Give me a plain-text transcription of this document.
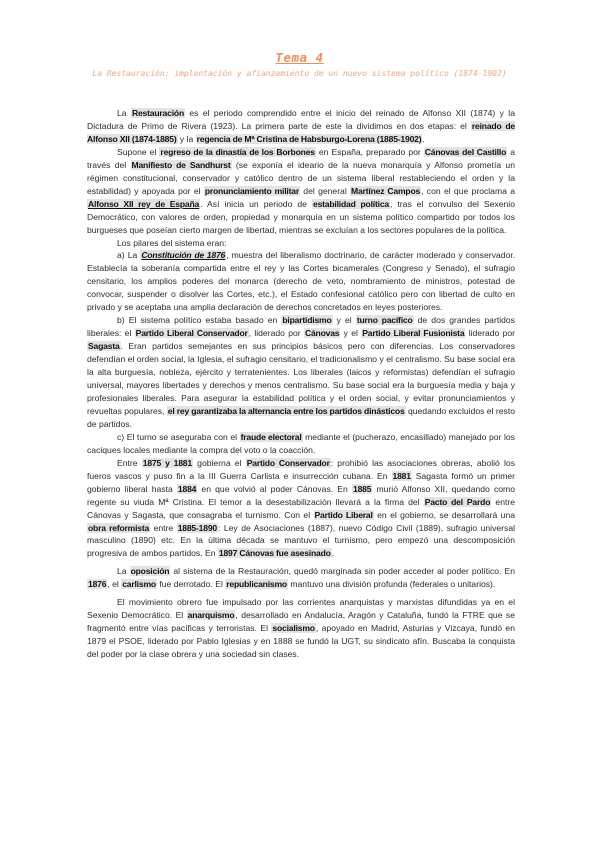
Tema 4
La Restauración: implantación y afianzamiento de un nuevo sistema político (1874-1902)

La Restauración es el periodo comprendido entre el inicio del reinado de Alfonso XII (1874) y la Dictadura de Primo de Rivera (1923). La primera parte de este la dividimos en dos etapas: el reinado de Alfonso XII (1874-1885) y la regencia de Mª Cristina de Habsburgo-Lorena (1885-1902).

Supone el regreso de la dinastía de los Borbones en España, preparado por Cánovas del Castillo a través del Manifiesto de Sandhurst (se exponía el ideario de la nueva monarquía y Alfonso prometía un régimen constitucional, conservador y católico dentro de un sistema liberal restableciendo el orden y la estabilidad) y apoyada por el pronunciamiento militar del general Martínez Campos, con el que proclama a Alfonso XII rey de España. Así inicia un periodo de estabilidad política, tras el convulso del Sexenio Democrático, con valores de orden, propiedad y monarquía en un sistema político compartido por todos los burgueses que poseían cierto margen de libertad, mientras se excluían a los sectores populares de la política.

Los pilares del sistema eran:

a) La Constitución de 1876, muestra del liberalismo doctrinario, de carácter moderado y conservador. Establecía la soberanía compartida entre el rey y las Cortes bicamerales (Congreso y Senado), el sufragio censitario, los amplios poderes del monarca (derecho de veto, nombramiento de ministros, potestad de convocar, suspender o disolver las Cortes, etc.), el Estado confesional católico pero con libertad de culto en privado y se aceptaba una amplia declaración de derechos concretados en leyes posteriores.

b) El sistema político estaba basado en bipartidismo y el turno pacífico de dos grandes partidos liberales: el Partido Liberal Conservador, liderado por Cánovas y el Partido Liberal Fusionista liderado por Sagasta. Eran partidos semejantes en sus principios básicos pero con diferencias. Los conservadores defendían el orden social, la Iglesia, el sufragio censitario, el tradicionalismo y el centralismo. Su base social era la alta burguesía, nobleza, ejército y terratenientes. Los liberales (laicos y reformistas) defendían el sufragio universal, mayores libertades y derechos y menos centralismo. Su base social era la burguesía media y baja y profesionales liberales. Para asegurar la estabilidad política y el orden social, y evitar pronunciamientos y revueltas populares, el rey garantizaba la alternancia entre los partidos dinásticos quedando excluidos el resto de partidos.

c) El turno se aseguraba con el fraude electoral mediante el (pucherazo, encasillado) manejado por los caciques locales mediante la compra del voto o la coacción.

Entre 1875 y 1881 gobierna el Partido Conservador: prohibió las asociaciones obreras, abolió los fueros vascos y puso fin a la III Guerra Carlista e insurrección cubana. En 1881 Sagasta formó un primer gobierno liberal hasta 1884 en que volvió al poder Cánovas. En 1885 murió Alfonso XII, quedando como regente su viuda Mª Cristina. El temor a la desestabilización llevará a la firma del Pacto del Pardo entre Cánovas y Sagasta, que consagraba el turnismo. Con el Partido Liberal en el gobierno, se desarrollará una obra reformista entre 1885-1890: Ley de Asociaciones (1887), nuevo Código Civil (1889), sufragio universal masculino (1890) etc. En la última década se mantuvo el turnismo, pero empezó una descomposición progresiva de ambos partidos. En 1897 Cánovas fue asesinado.

La oposición al sistema de la Restauración, quedó marginada sin poder acceder al poder político. En 1876, el carlismo fue derrotado. El republicanismo mantuvo una división profunda (federales o unitarios).

El movimiento obrero fue impulsado por las corrientes anarquistas y marxistas difundidas ya en el Sexenio Democrático. El anarquismo, desarrollado en Andalucía, Aragón y Cataluña, fundó la FTRE que se fragmentó entre vías pacíficas y terroristas. El socialismo, apoyado en Madrid, Asturias y Vizcaya, fundó en 1879 el PSOE, liderado por Pablo Iglesias y en 1888 se fundó la UGT, su sindicato afín. Buscaba la conquista del poder por la clase obrera y una sociedad sin clases.
